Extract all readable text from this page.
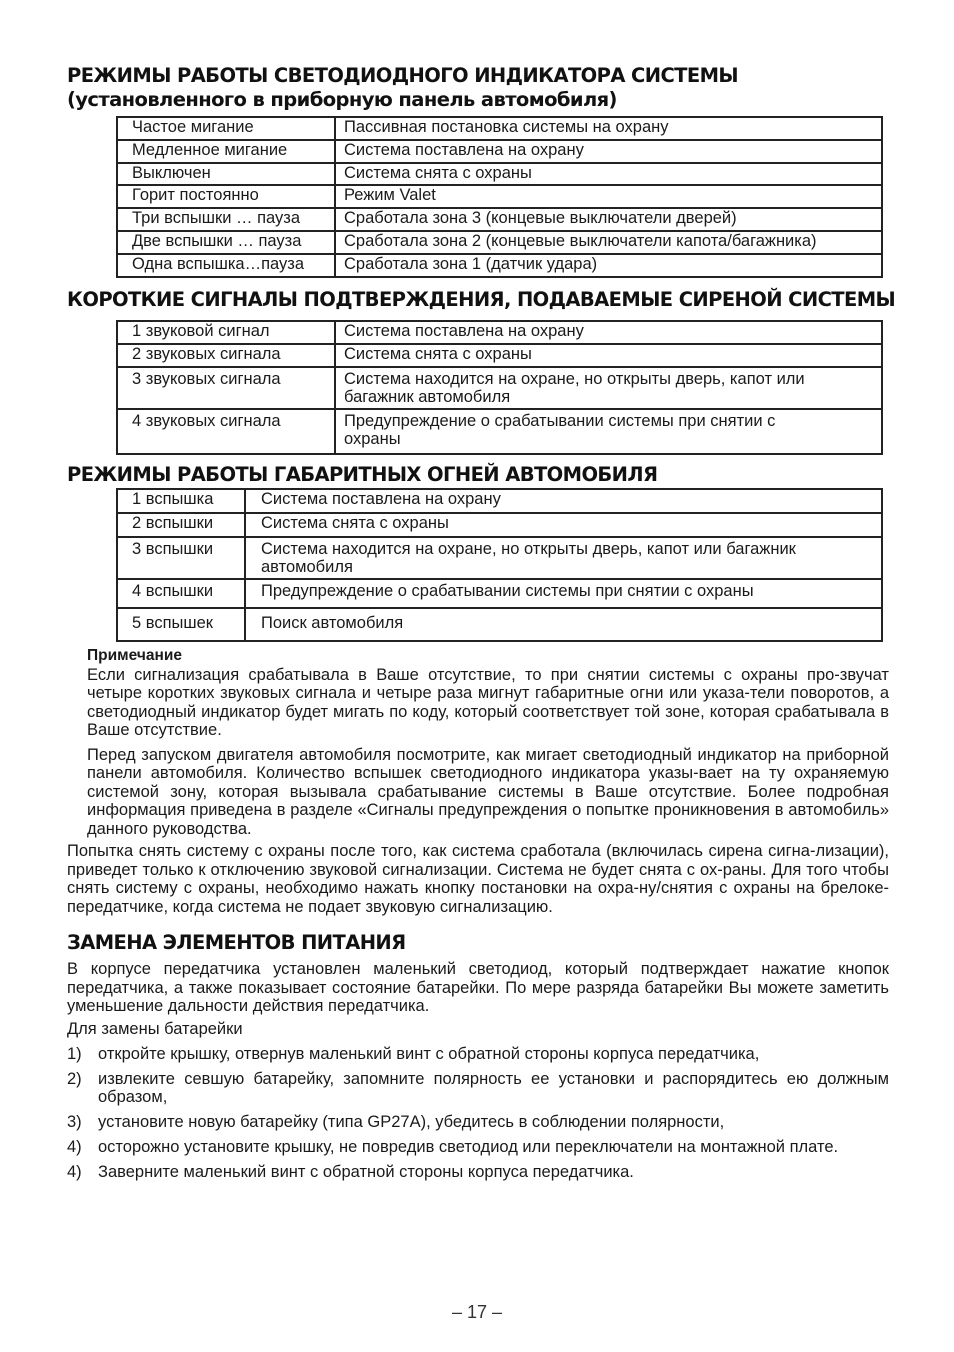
РЕЖИМЫ РАБОТЫ СВЕТОДИОДНОГО ИНДИКАТОРА СИСТЕМЫ
(установленного в приборную панель автомобиля)
Частое мигание	Пассивная постановка системы на охрану
Медленное мигание	Система поставлена на охрану
Выключен	Система снята с охраны
Горит постоянно	Режим Valet
Три вспышки … пауза	Сработала зона 3 (концевые выключатели дверей)
Две вспышки … пауза	Сработала зона 2 (концевые выключатели капота/багажника)
Одна вспышка…пауза	Сработала зона 1 (датчик удара)
КОРОТКИЕ СИГНАЛЫ ПОДТВЕРЖДЕНИЯ, ПОДАВАЕМЫЕ СИРЕНОЙ СИСТЕМЫ
1 звуковой сигнал	Система поставлена на охрану
2 звуковых сигнала	Система снята с охраны
3 звуковых сигнала	Система находится на охране, но открыты дверь, капот или багажник автомобиля
4 звуковых сигнала	Предупреждение о срабатывании системы при снятии с охраны
РЕЖИМЫ РАБОТЫ ГАБАРИТНЫХ ОГНЕЙ АВТОМОБИЛЯ
1 вспышка	Система поставлена на охрану
2 вспышки	Система снята с охраны
3 вспышки	Система находится на охране, но открыты дверь, капот или багажник автомобиля
4 вспышки	Предупреждение о срабатывании системы при снятии с охраны
5 вспышек	Поиск автомобиля
Примечание
Если сигнализация срабатывала в Ваше отсутствие, то при снятии системы с охраны про-звучат четыре коротких звуковых сигнала и четыре раза мигнут габаритные огни или указа-тели поворотов, а светодиодный индикатор будет мигать по коду, который соответствует той зоне, которая срабатывала в Ваше отсутствие.
Перед запуском двигателя автомобиля посмотрите, как мигает светодиодный индикатор на приборной панели автомобиля. Количество вспышек светодиодного индикатора указы-вает на ту охраняемую системой зону, которая вызывала срабатывание системы в Ваше отсутствие. Более подробная информация приведена в разделе «Сигналы предупреждения о попытке проникновения в автомобиль» данного руководства.

Попытка снять систему с охраны после того, как система сработала (включилась сирена сигна-лизации), приведет только к отключению звуковой сигнализации. Система не будет снята с ох-раны. Для того чтобы снять систему с охраны, необходимо нажать кнопку постановки на охра-ну/снятия с охраны на брелоке-передатчике, когда система не подает звуковую сигнализацию.

ЗАМЕНА ЭЛЕМЕНТОВ ПИТАНИЯ

В корпусе передатчика установлен маленький светодиод, который подтверждает нажатие кнопок передатчика, а также показывает состояние батарейки. По мере разряда батарейки Вы можете заметить уменьшение дальности действия передатчика.

Для замены батарейки

1) откройте крышку, отвернув маленький винт с обратной стороны корпуса передатчика,
2) извлеките севшую батарейку, запомните полярность ее установки и распорядитесь ею должным образом,
3) установите новую батарейку (типа GP27A), убедитесь в соблюдении полярности,
4) осторожно установите крышку, не повредив светодиод или переключатели на монтажной плате.
4) Заверните маленький винт с обратной стороны корпуса передатчика.
– 17 –
